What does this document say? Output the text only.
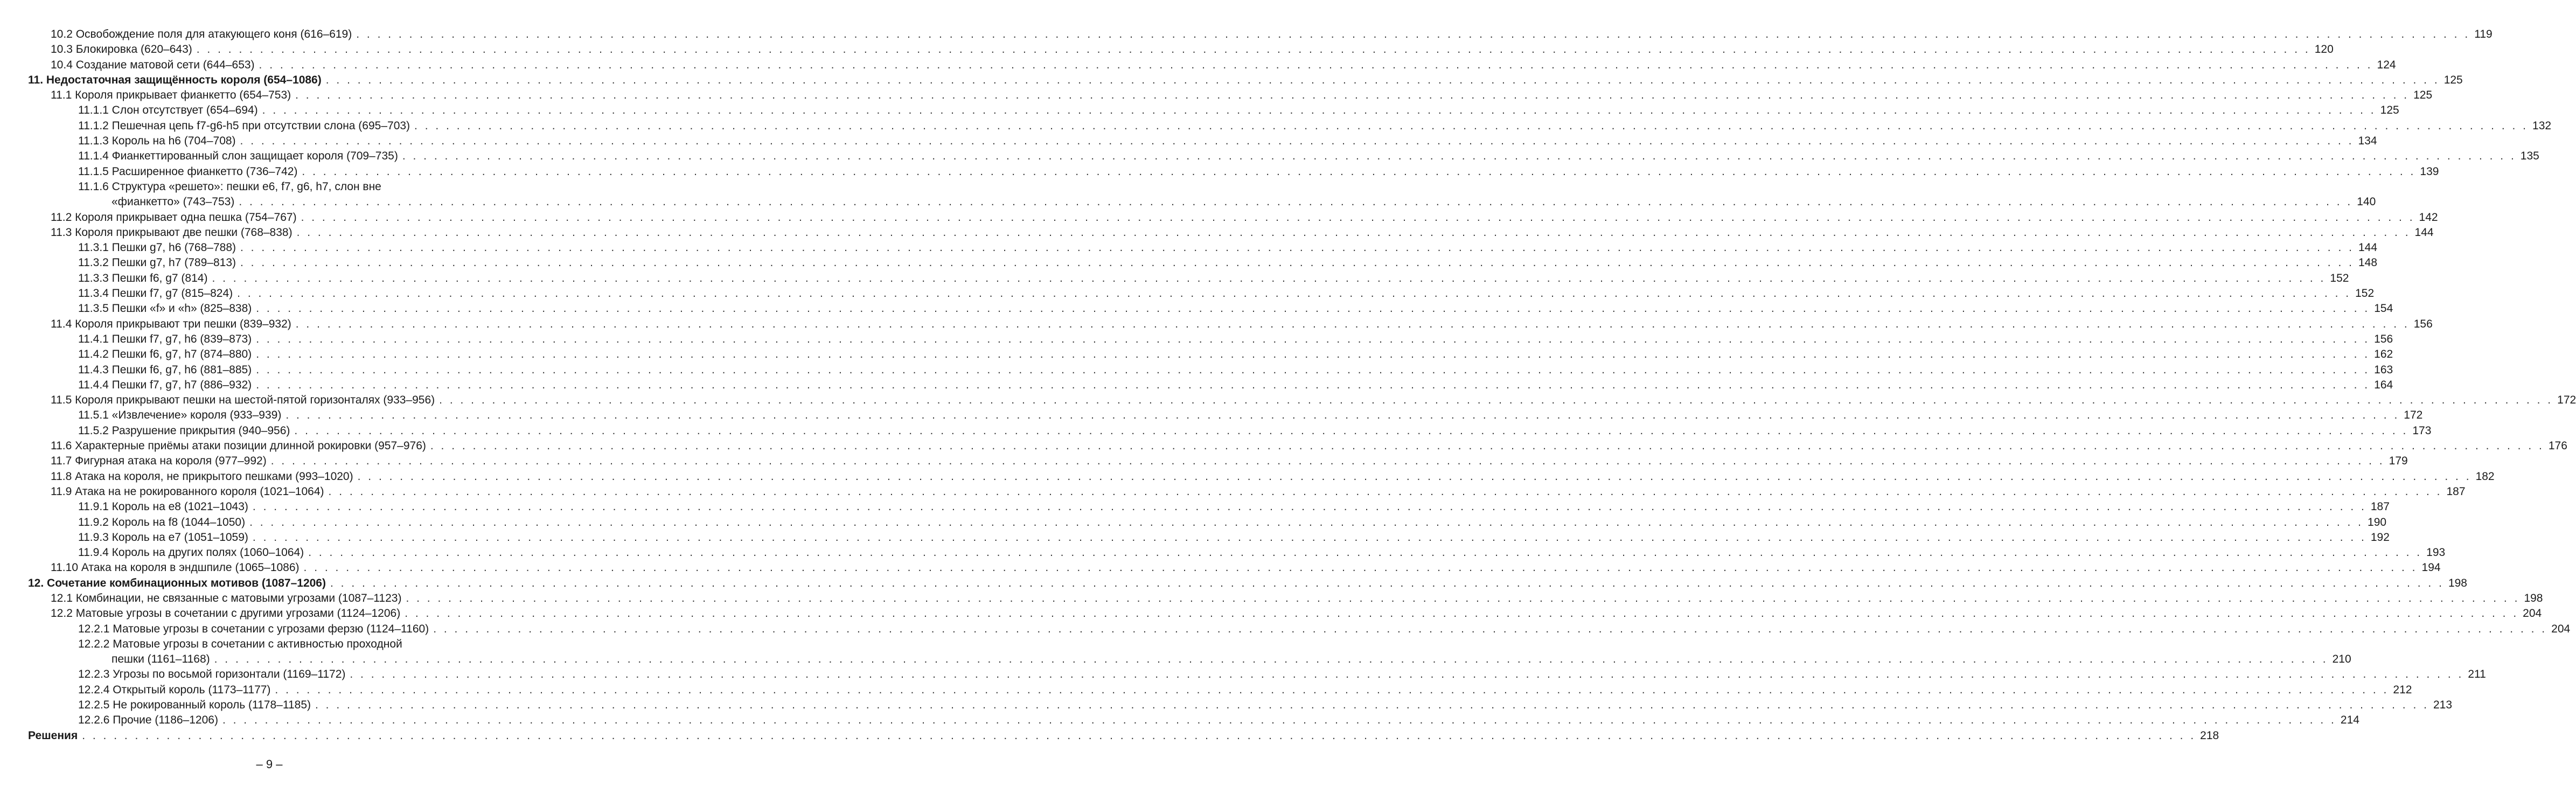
10.2 Освобождение поля для атакующего коня (616–619) . . . . . . . . . . . . . . . . . . . . . . . . . . . . . . . . . . . . . . . . . . . . . . . . . . . . . . . . . . . . . . . . . . . . . . . . . . . . . . . . . . . . . . . . . . . . . . . . . . . . . . . . . . . . . . . . . . . . . . . . . . . . . . . . . . . . . . . . . . . . . . . . . . . . . . . . . . . . . . . . . . . . . . . . . . . . . . . . . . . . . . . . . . . . . . . . . . . . . . . . 119
10.3 Блокировка (620–643) . . . . . . . . . . . . . . . . . . . . . . . . . . . . . . . . . . . . . . . . . . . . . . . . . . . . . . . . . . . . . . . . . . . . . . . . . . . . . . . . . . . . . . . . . . . . . . . . . . . . . . . . . . . . . . . . . . . . . . . . . . . . . . . . . . . . . . . . . . . . . . . . . . . . . . . . . . . . . . . . . . . . . . . . . . . . . . . . . . . . . . . . . . . . . . . . . . . . . . . . 120
10.4 Создание матовой сети (644–653) . . . . . . . . . . . . . . . . . . . . . . . . . . . . . . . . . . . . . . . . . . . . . . . . . . . . . . . . . . . . . . . . . . . . . . . . . . . . . . . . . . . . . . . . . . . . . . . . . . . . . . . . . . . . . . . . . . . . . . . . . . . . . . . . . . . . . . . . . . . . . . . . . . . . . . . . . . . . . . . . . . . . . . . . . . . . . . . . . . . . . . . . . . . . . . . . . . . . . . . . 124
11. Недостаточная защищённость короля (654–1086) . . . . . . . . . . . . . . . . . . . . . . . . . . . . . . . . . . . . . . . . . . . . . . . . . . . . . . . . . . . . . . . . . . . . . . . . . . . . . . . . . . . . . . . . . . . . . . . . . . . . . . . . . . . . . . . . . . . . . . . . . . . . . . . . . . . . . . . . . . . . . . . . . . . . . . . . . . . . . . . . . . . . . . . . . . . . . . . . . . . . . . . . . . . . . . . . . . . . . . . . 125
11.1 Короля прикрывает фианкетто (654–753) . . . . . . . . . . . . . . . . . . . . . . . . . . . . . . . . . . . . . . . . . . . . . . . . . . . . . . . . . . . . . . . . . . . . . . . . . . . . . . . . . . . . . . . . . . . . . . . . . . . . . . . . . . . . . . . . . . . . . . . . . . . . . . . . . . . . . . . . . . . . . . . . . . . . . . . . . . . . . . . . . . . . . . . . . . . . . . . . . . . . . . . . . . . . . . . . . . . . . . . . 125
11.1.1 Слон отсутствует (654–694) . . . . . . . . . . . . . . . . . . . . . . . . . . . . . . . . . . . . . . . . . . . . . . . . . . . . . . . . . . . . . . . . . . . . . . . . . . . . . . . . . . . . . . . . . . . . . . . . . . . . . . . . . . . . . . . . . . . . . . . . . . . . . . . . . . . . . . . . . . . . . . . . . . . . . . . . . . . . . . . . . . . . . . . . . . . . . . . . . . . . . . . . . . . . . . . . . . . . . . . . 125
11.1.2 Пешечная цепь f7-g6-h5 при отсутствии слона (695–703) . . . . . . . . . . . . . . . . . . . . . . . . . . . . . . . . . . . . . . . . . . . . . . . . . . . . . . . . . . . . . . . . . . . . . . . . . . . . . . . . . . . . . . . . . . . . . . . . . . . . . . . . . . . . . . . . . . . . . . . . . . . . . . . . . . . . . . . . . . . . . . . . . . . . . . . . . . . . . . . . . . . . . . . . . . . . . . . . . . . . . . . . . . . . . . . . . . . . . . . . 132
11.1.3 Король на h6 (704–708) . . . . . . . . . . . . . . . . . . . . . . . . . . . . . . . . . . . . . . . . . . . . . . . . . . . . . . . . . . . . . . . . . . . . . . . . . . . . . . . . . . . . . . . . . . . . . . . . . . . . . . . . . . . . . . . . . . . . . . . . . . . . . . . . . . . . . . . . . . . . . . . . . . . . . . . . . . . . . . . . . . . . . . . . . . . . . . . . . . . . . . . . . . . . . . . . . . . . . . . . 134
11.1.4 Фианкеттированный слон защищает короля (709–735) . . . . . . . . . . . . . . . . . . . . . . . . . . . . . . . . . . . . . . . . . . . . . . . . . . . . . . . . . . . . . . . . . . . . . . . . . . . . . . . . . . . . . . . . . . . . . . . . . . . . . . . . . . . . . . . . . . . . . . . . . . . . . . . . . . . . . . . . . . . . . . . . . . . . . . . . . . . . . . . . . . . . . . . . . . . . . . . . . . . . . . . . . . . . . . . . . . . . . . . . 135
11.1.5 Расширенное фианкетто (736–742) . . . . . . . . . . . . . . . . . . . . . . . . . . . . . . . . . . . . . . . . . . . . . . . . . . . . . . . . . . . . . . . . . . . . . . . . . . . . . . . . . . . . . . . . . . . . . . . . . . . . . . . . . . . . . . . . . . . . . . . . . . . . . . . . . . . . . . . . . . . . . . . . . . . . . . . . . . . . . . . . . . . . . . . . . . . . . . . . . . . . . . . . . . . . . . . . . . . . . . . . 139
11.1.6 Структура «решето»: пешки е6, f7, g6, h7, слон вне
«фианкетто» (743–753) . . . . . . . . . . . . . . . . . . . . . . . . . . . . . . . . . . . . . . . . . . . . . . . . . . . . . . . . . . . . . . . . . . . . . . . . . . . . . . . . . . . . . . . . . . . . . . . . . . . . . . . . . . . . . . . . . . . . . . . . . . . . . . . . . . . . . . . . . . . . . . . . . . . . . . . . . . . . . . . . . . . . . . . . . . . . . . . . . . . . . . . . . . . . . . . . . . . . . . . . 140
11.2 Короля прикрывает одна пешка (754–767) . . . . . . . . . . . . . . . . . . . . . . . . . . . . . . . . . . . . . . . . . . . . . . . . . . . . . . . . . . . . . . . . . . . . . . . . . . . . . . . . . . . . . . . . . . . . . . . . . . . . . . . . . . . . . . . . . . . . . . . . . . . . . . . . . . . . . . . . . . . . . . . . . . . . . . . . . . . . . . . . . . . . . . . . . . . . . . . . . . . . . . . . . . . . . . . . . . . . . . . . 142
11.3 Короля прикрывают две пешки (768–838) . . . . . . . . . . . . . . . . . . . . . . . . . . . . . . . . . . . . . . . . . . . . . . . . . . . . . . . . . . . . . . . . . . . . . . . . . . . . . . . . . . . . . . . . . . . . . . . . . . . . . . . . . . . . . . . . . . . . . . . . . . . . . . . . . . . . . . . . . . . . . . . . . . . . . . . . . . . . . . . . . . . . . . . . . . . . . . . . . . . . . . . . . . . . . . . . . . . . . . . . 144
11.3.1 Пешки g7, h6 (768–788) . . . . . . . . . . . . . . . . . . . . . . . . . . . . . . . . . . . . . . . . . . . . . . . . . . . . . . . . . . . . . . . . . . . . . . . . . . . . . . . . . . . . . . . . . . . . . . . . . . . . . . . . . . . . . . . . . . . . . . . . . . . . . . . . . . . . . . . . . . . . . . . . . . . . . . . . . . . . . . . . . . . . . . . . . . . . . . . . . . . . . . . . . . . . . . . . . . . . . . . . 144
11.3.2 Пешки g7, h7 (789–813) . . . . . . . . . . . . . . . . . . . . . . . . . . . . . . . . . . . . . . . . . . . . . . . . . . . . . . . . . . . . . . . . . . . . . . . . . . . . . . . . . . . . . . . . . . . . . . . . . . . . . . . . . . . . . . . . . . . . . . . . . . . . . . . . . . . . . . . . . . . . . . . . . . . . . . . . . . . . . . . . . . . . . . . . . . . . . . . . . . . . . . . . . . . . . . . . . . . . . . . . 148
11.3.3 Пешки f6, g7 (814) . . . . . . . . . . . . . . . . . . . . . . . . . . . . . . . . . . . . . . . . . . . . . . . . . . . . . . . . . . . . . . . . . . . . . . . . . . . . . . . . . . . . . . . . . . . . . . . . . . . . . . . . . . . . . . . . . . . . . . . . . . . . . . . . . . . . . . . . . . . . . . . . . . . . . . . . . . . . . . . . . . . . . . . . . . . . . . . . . . . . . . . . . . . . . . . . . . . . . . . . 152
11.3.4 Пешки f7, g7 (815–824) . . . . . . . . . . . . . . . . . . . . . . . . . . . . . . . . . . . . . . . . . . . . . . . . . . . . . . . . . . . . . . . . . . . . . . . . . . . . . . . . . . . . . . . . . . . . . . . . . . . . . . . . . . . . . . . . . . . . . . . . . . . . . . . . . . . . . . . . . . . . . . . . . . . . . . . . . . . . . . . . . . . . . . . . . . . . . . . . . . . . . . . . . . . . . . . . . . . . . . . . 152
11.3.5 Пешки «f» и «h» (825–838) . . . . . . . . . . . . . . . . . . . . . . . . . . . . . . . . . . . . . . . . . . . . . . . . . . . . . . . . . . . . . . . . . . . . . . . . . . . . . . . . . . . . . . . . . . . . . . . . . . . . . . . . . . . . . . . . . . . . . . . . . . . . . . . . . . . . . . . . . . . . . . . . . . . . . . . . . . . . . . . . . . . . . . . . . . . . . . . . . . . . . . . . . . . . . . . . . . . . . . . . 154
11.4 Короля прикрывают три пешки (839–932) . . . . . . . . . . . . . . . . . . . . . . . . . . . . . . . . . . . . . . . . . . . . . . . . . . . . . . . . . . . . . . . . . . . . . . . . . . . . . . . . . . . . . . . . . . . . . . . . . . . . . . . . . . . . . . . . . . . . . . . . . . . . . . . . . . . . . . . . . . . . . . . . . . . . . . . . . . . . . . . . . . . . . . . . . . . . . . . . . . . . . . . . . . . . . . . . . . . . . . . . 156
11.4.1 Пешки f7, g7, h6 (839–873) . . . . . . . . . . . . . . . . . . . . . . . . . . . . . . . . . . . . . . . . . . . . . . . . . . . . . . . . . . . . . . . . . . . . . . . . . . . . . . . . . . . . . . . . . . . . . . . . . . . . . . . . . . . . . . . . . . . . . . . . . . . . . . . . . . . . . . . . . . . . . . . . . . . . . . . . . . . . . . . . . . . . . . . . . . . . . . . . . . . . . . . . . . . . . . . . . . . . . . . . 156
11.4.2 Пешки f6, g7, h7 (874–880) . . . . . . . . . . . . . . . . . . . . . . . . . . . . . . . . . . . . . . . . . . . . . . . . . . . . . . . . . . . . . . . . . . . . . . . . . . . . . . . . . . . . . . . . . . . . . . . . . . . . . . . . . . . . . . . . . . . . . . . . . . . . . . . . . . . . . . . . . . . . . . . . . . . . . . . . . . . . . . . . . . . . . . . . . . . . . . . . . . . . . . . . . . . . . . . . . . . . . . . . 162
11.4.3 Пешки f6, g7, h6 (881–885) . . . . . . . . . . . . . . . . . . . . . . . . . . . . . . . . . . . . . . . . . . . . . . . . . . . . . . . . . . . . . . . . . . . . . . . . . . . . . . . . . . . . . . . . . . . . . . . . . . . . . . . . . . . . . . . . . . . . . . . . . . . . . . . . . . . . . . . . . . . . . . . . . . . . . . . . . . . . . . . . . . . . . . . . . . . . . . . . . . . . . . . . . . . . . . . . . . . . . . . . 163
11.4.4 Пешки f7, g7, h7 (886–932) . . . . . . . . . . . . . . . . . . . . . . . . . . . . . . . . . . . . . . . . . . . . . . . . . . . . . . . . . . . . . . . . . . . . . . . . . . . . . . . . . . . . . . . . . . . . . . . . . . . . . . . . . . . . . . . . . . . . . . . . . . . . . . . . . . . . . . . . . . . . . . . . . . . . . . . . . . . . . . . . . . . . . . . . . . . . . . . . . . . . . . . . . . . . . . . . . . . . . . . . 164
11.5 Короля прикрывают пешки на шестой-пятой горизонталях (933–956) . . . . . . . . . . . . . . . . . . . . . . . . . . . . . . . . . . . . . . . . . . . . . . . . . . . . . . . . . . . . . . . . . . . . . . . . . . . . . . . . . . . . . . . . . . . . . . . . . . . . . . . . . . . . . . . . . . . . . . . . . . . . . . . . . . . . . . . . . . . . . . . . . . . . . . . . . . . . . . . . . . . . . . . . . . . . . . . . . . . . . . . . . . . . . . . . . . . . . . . . 172
11.5.1 «Извлечение» короля (933–939) . . . . . . . . . . . . . . . . . . . . . . . . . . . . . . . . . . . . . . . . . . . . . . . . . . . . . . . . . . . . . . . . . . . . . . . . . . . . . . . . . . . . . . . . . . . . . . . . . . . . . . . . . . . . . . . . . . . . . . . . . . . . . . . . . . . . . . . . . . . . . . . . . . . . . . . . . . . . . . . . . . . . . . . . . . . . . . . . . . . . . . . . . . . . . . . . . . . . . . . . 172
11.5.2 Разрушение прикрытия (940–956) . . . . . . . . . . . . . . . . . . . . . . . . . . . . . . . . . . . . . . . . . . . . . . . . . . . . . . . . . . . . . . . . . . . . . . . . . . . . . . . . . . . . . . . . . . . . . . . . . . . . . . . . . . . . . . . . . . . . . . . . . . . . . . . . . . . . . . . . . . . . . . . . . . . . . . . . . . . . . . . . . . . . . . . . . . . . . . . . . . . . . . . . . . . . . . . . . . . . . . . . 173
11.6 Характерные приёмы атаки позиции длинной рокировки (957–976) . . . . . . . . . . . . . . . . . . . . . . . . . . . . . . . . . . . . . . . . . . . . . . . . . . . . . . . . . . . . . . . . . . . . . . . . . . . . . . . . . . . . . . . . . . . . . . . . . . . . . . . . . . . . . . . . . . . . . . . . . . . . . . . . . . . . . . . . . . . . . . . . . . . . . . . . . . . . . . . . . . . . . . . . . . . . . . . . . . . . . . . . . . . . . . . . . . . . . . . . 176
11.7 Фигурная атака на короля (977–992) . . . . . . . . . . . . . . . . . . . . . . . . . . . . . . . . . . . . . . . . . . . . . . . . . . . . . . . . . . . . . . . . . . . . . . . . . . . . . . . . . . . . . . . . . . . . . . . . . . . . . . . . . . . . . . . . . . . . . . . . . . . . . . . . . . . . . . . . . . . . . . . . . . . . . . . . . . . . . . . . . . . . . . . . . . . . . . . . . . . . . . . . . . . . . . . . . . . . . . . . 179
11.8 Атака на короля, не прикрытого пешками (993–1020) . . . . . . . . . . . . . . . . . . . . . . . . . . . . . . . . . . . . . . . . . . . . . . . . . . . . . . . . . . . . . . . . . . . . . . . . . . . . . . . . . . . . . . . . . . . . . . . . . . . . . . . . . . . . . . . . . . . . . . . . . . . . . . . . . . . . . . . . . . . . . . . . . . . . . . . . . . . . . . . . . . . . . . . . . . . . . . . . . . . . . . . . . . . . . . . . . . . . . . . . 182
11.9 Атака на не рокированного короля (1021–1064) . . . . . . . . . . . . . . . . . . . . . . . . . . . . . . . . . . . . . . . . . . . . . . . . . . . . . . . . . . . . . . . . . . . . . . . . . . . . . . . . . . . . . . . . . . . . . . . . . . . . . . . . . . . . . . . . . . . . . . . . . . . . . . . . . . . . . . . . . . . . . . . . . . . . . . . . . . . . . . . . . . . . . . . . . . . . . . . . . . . . . . . . . . . . . . . . . . . . . . . . 187
11.9.1 Король на е8 (1021–1043) . . . . . . . . . . . . . . . . . . . . . . . . . . . . . . . . . . . . . . . . . . . . . . . . . . . . . . . . . . . . . . . . . . . . . . . . . . . . . . . . . . . . . . . . . . . . . . . . . . . . . . . . . . . . . . . . . . . . . . . . . . . . . . . . . . . . . . . . . . . . . . . . . . . . . . . . . . . . . . . . . . . . . . . . . . . . . . . . . . . . . . . . . . . . . . . . . . . . . . . . 187
11.9.2 Король на f8 (1044–1050) . . . . . . . . . . . . . . . . . . . . . . . . . . . . . . . . . . . . . . . . . . . . . . . . . . . . . . . . . . . . . . . . . . . . . . . . . . . . . . . . . . . . . . . . . . . . . . . . . . . . . . . . . . . . . . . . . . . . . . . . . . . . . . . . . . . . . . . . . . . . . . . . . . . . . . . . . . . . . . . . . . . . . . . . . . . . . . . . . . . . . . . . . . . . . . . . . . . . . . . . 190
11.9.3 Король на е7 (1051–1059) . . . . . . . . . . . . . . . . . . . . . . . . . . . . . . . . . . . . . . . . . . . . . . . . . . . . . . . . . . . . . . . . . . . . . . . . . . . . . . . . . . . . . . . . . . . . . . . . . . . . . . . . . . . . . . . . . . . . . . . . . . . . . . . . . . . . . . . . . . . . . . . . . . . . . . . . . . . . . . . . . . . . . . . . . . . . . . . . . . . . . . . . . . . . . . . . . . . . . . . . 192
11.9.4 Король на других полях (1060–1064) . . . . . . . . . . . . . . . . . . . . . . . . . . . . . . . . . . . . . . . . . . . . . . . . . . . . . . . . . . . . . . . . . . . . . . . . . . . . . . . . . . . . . . . . . . . . . . . . . . . . . . . . . . . . . . . . . . . . . . . . . . . . . . . . . . . . . . . . . . . . . . . . . . . . . . . . . . . . . . . . . . . . . . . . . . . . . . . . . . . . . . . . . . . . . . . . . . . . . . . . 193
11.10 Атака на короля в эндшпиле (1065–1086) . . . . . . . . . . . . . . . . . . . . . . . . . . . . . . . . . . . . . . . . . . . . . . . . . . . . . . . . . . . . . . . . . . . . . . . . . . . . . . . . . . . . . . . . . . . . . . . . . . . . . . . . . . . . . . . . . . . . . . . . . . . . . . . . . . . . . . . . . . . . . . . . . . . . . . . . . . . . . . . . . . . . . . . . . . . . . . . . . . . . . . . . . . . . . . . . . . . . . . . . 194
12. Сочетание комбинационных мотивов (1087–1206) . . . . . . . . . . . . . . . . . . . . . . . . . . . . . . . . . . . . . . . . . . . . . . . . . . . . . . . . . . . . . . . . . . . . . . . . . . . . . . . . . . . . . . . . . . . . . . . . . . . . . . . . . . . . . . . . . . . . . . . . . . . . . . . . . . . . . . . . . . . . . . . . . . . . . . . . . . . . . . . . . . . . . . . . . . . . . . . . . . . . . . . . . . . . . . . . . . . . . . . . 198
12.1 Комбинации, не связанные с матовыми угрозами (1087–1123) . . . . . . . . . . . . . . . . . . . . . . . . . . . . . . . . . . . . . . . . . . . . . . . . . . . . . . . . . . . . . . . . . . . . . . . . . . . . . . . . . . . . . . . . . . . . . . . . . . . . . . . . . . . . . . . . . . . . . . . . . . . . . . . . . . . . . . . . . . . . . . . . . . . . . . . . . . . . . . . . . . . . . . . . . . . . . . . . . . . . . . . . . . . . . . . . . . . . . . . . 198
12.2 Матовые угрозы в сочетании с другими угрозами (1124–1206) . . . . . . . . . . . . . . . . . . . . . . . . . . . . . . . . . . . . . . . . . . . . . . . . . . . . . . . . . . . . . . . . . . . . . . . . . . . . . . . . . . . . . . . . . . . . . . . . . . . . . . . . . . . . . . . . . . . . . . . . . . . . . . . . . . . . . . . . . . . . . . . . . . . . . . . . . . . . . . . . . . . . . . . . . . . . . . . . . . . . . . . . . . . . . . . . . . . . . . . . 204
12.2.1 Матовые угрозы в сочетании с угрозами ферзю (1124–1160) . . . . . . . . . . . . . . . . . . . . . . . . . . . . . . . . . . . . . . . . . . . . . . . . . . . . . . . . . . . . . . . . . . . . . . . . . . . . . . . . . . . . . . . . . . . . . . . . . . . . . . . . . . . . . . . . . . . . . . . . . . . . . . . . . . . . . . . . . . . . . . . . . . . . . . . . . . . . . . . . . . . . . . . . . . . . . . . . . . . . . . . . . . . . . . . . . . . . . . . . 204
12.2.2 Матовые угрозы в сочетании с активностью проходной
пешки (1161–1168) . . . . . . . . . . . . . . . . . . . . . . . . . . . . . . . . . . . . . . . . . . . . . . . . . . . . . . . . . . . . . . . . . . . . . . . . . . . . . . . . . . . . . . . . . . . . . . . . . . . . . . . . . . . . . . . . . . . . . . . . . . . . . . . . . . . . . . . . . . . . . . . . . . . . . . . . . . . . . . . . . . . . . . . . . . . . . . . . . . . . . . . . . . . . . . . . . . . . . . . . 210
12.2.3 Угрозы по восьмой горизонтали (1169–1172) . . . . . . . . . . . . . . . . . . . . . . . . . . . . . . . . . . . . . . . . . . . . . . . . . . . . . . . . . . . . . . . . . . . . . . . . . . . . . . . . . . . . . . . . . . . . . . . . . . . . . . . . . . . . . . . . . . . . . . . . . . . . . . . . . . . . . . . . . . . . . . . . . . . . . . . . . . . . . . . . . . . . . . . . . . . . . . . . . . . . . . . . . . . . . . . . . . . . . . . . 211
12.2.4 Открытый король (1173–1177) . . . . . . . . . . . . . . . . . . . . . . . . . . . . . . . . . . . . . . . . . . . . . . . . . . . . . . . . . . . . . . . . . . . . . . . . . . . . . . . . . . . . . . . . . . . . . . . . . . . . . . . . . . . . . . . . . . . . . . . . . . . . . . . . . . . . . . . . . . . . . . . . . . . . . . . . . . . . . . . . . . . . . . . . . . . . . . . . . . . . . . . . . . . . . . . . . . . . . . . . 212
12.2.5 Не рокированный король (1178–1185) . . . . . . . . . . . . . . . . . . . . . . . . . . . . . . . . . . . . . . . . . . . . . . . . . . . . . . . . . . . . . . . . . . . . . . . . . . . . . . . . . . . . . . . . . . . . . . . . . . . . . . . . . . . . . . . . . . . . . . . . . . . . . . . . . . . . . . . . . . . . . . . . . . . . . . . . . . . . . . . . . . . . . . . . . . . . . . . . . . . . . . . . . . . . . . . . . . . . . . . . 213
12.2.6 Прочие (1186–1206) . . . . . . . . . . . . . . . . . . . . . . . . . . . . . . . . . . . . . . . . . . . . . . . . . . . . . . . . . . . . . . . . . . . . . . . . . . . . . . . . . . . . . . . . . . . . . . . . . . . . . . . . . . . . . . . . . . . . . . . . . . . . . . . . . . . . . . . . . . . . . . . . . . . . . . . . . . . . . . . . . . . . . . . . . . . . . . . . . . . . . . . . . . . . . . . . . . . . . . . . 214
Решения . . . . . . . . . . . . . . . . . . . . . . . . . . . . . . . . . . . . . . . . . . . . . . . . . . . . . . . . . . . . . . . . . . . . . . . . . . . . . . . . . . . . . . . . . . . . . . . . . . . . . . . . . . . . . . . . . . . . . . . . . . . . . . . . . . . . . . . . . . . . . . . . . . . . . . . . . . . . . . . . . . . . . . . . . . . . . . . . . . . . . . . . . . . . . . . . . . . . . . . . 218
– 9 –
